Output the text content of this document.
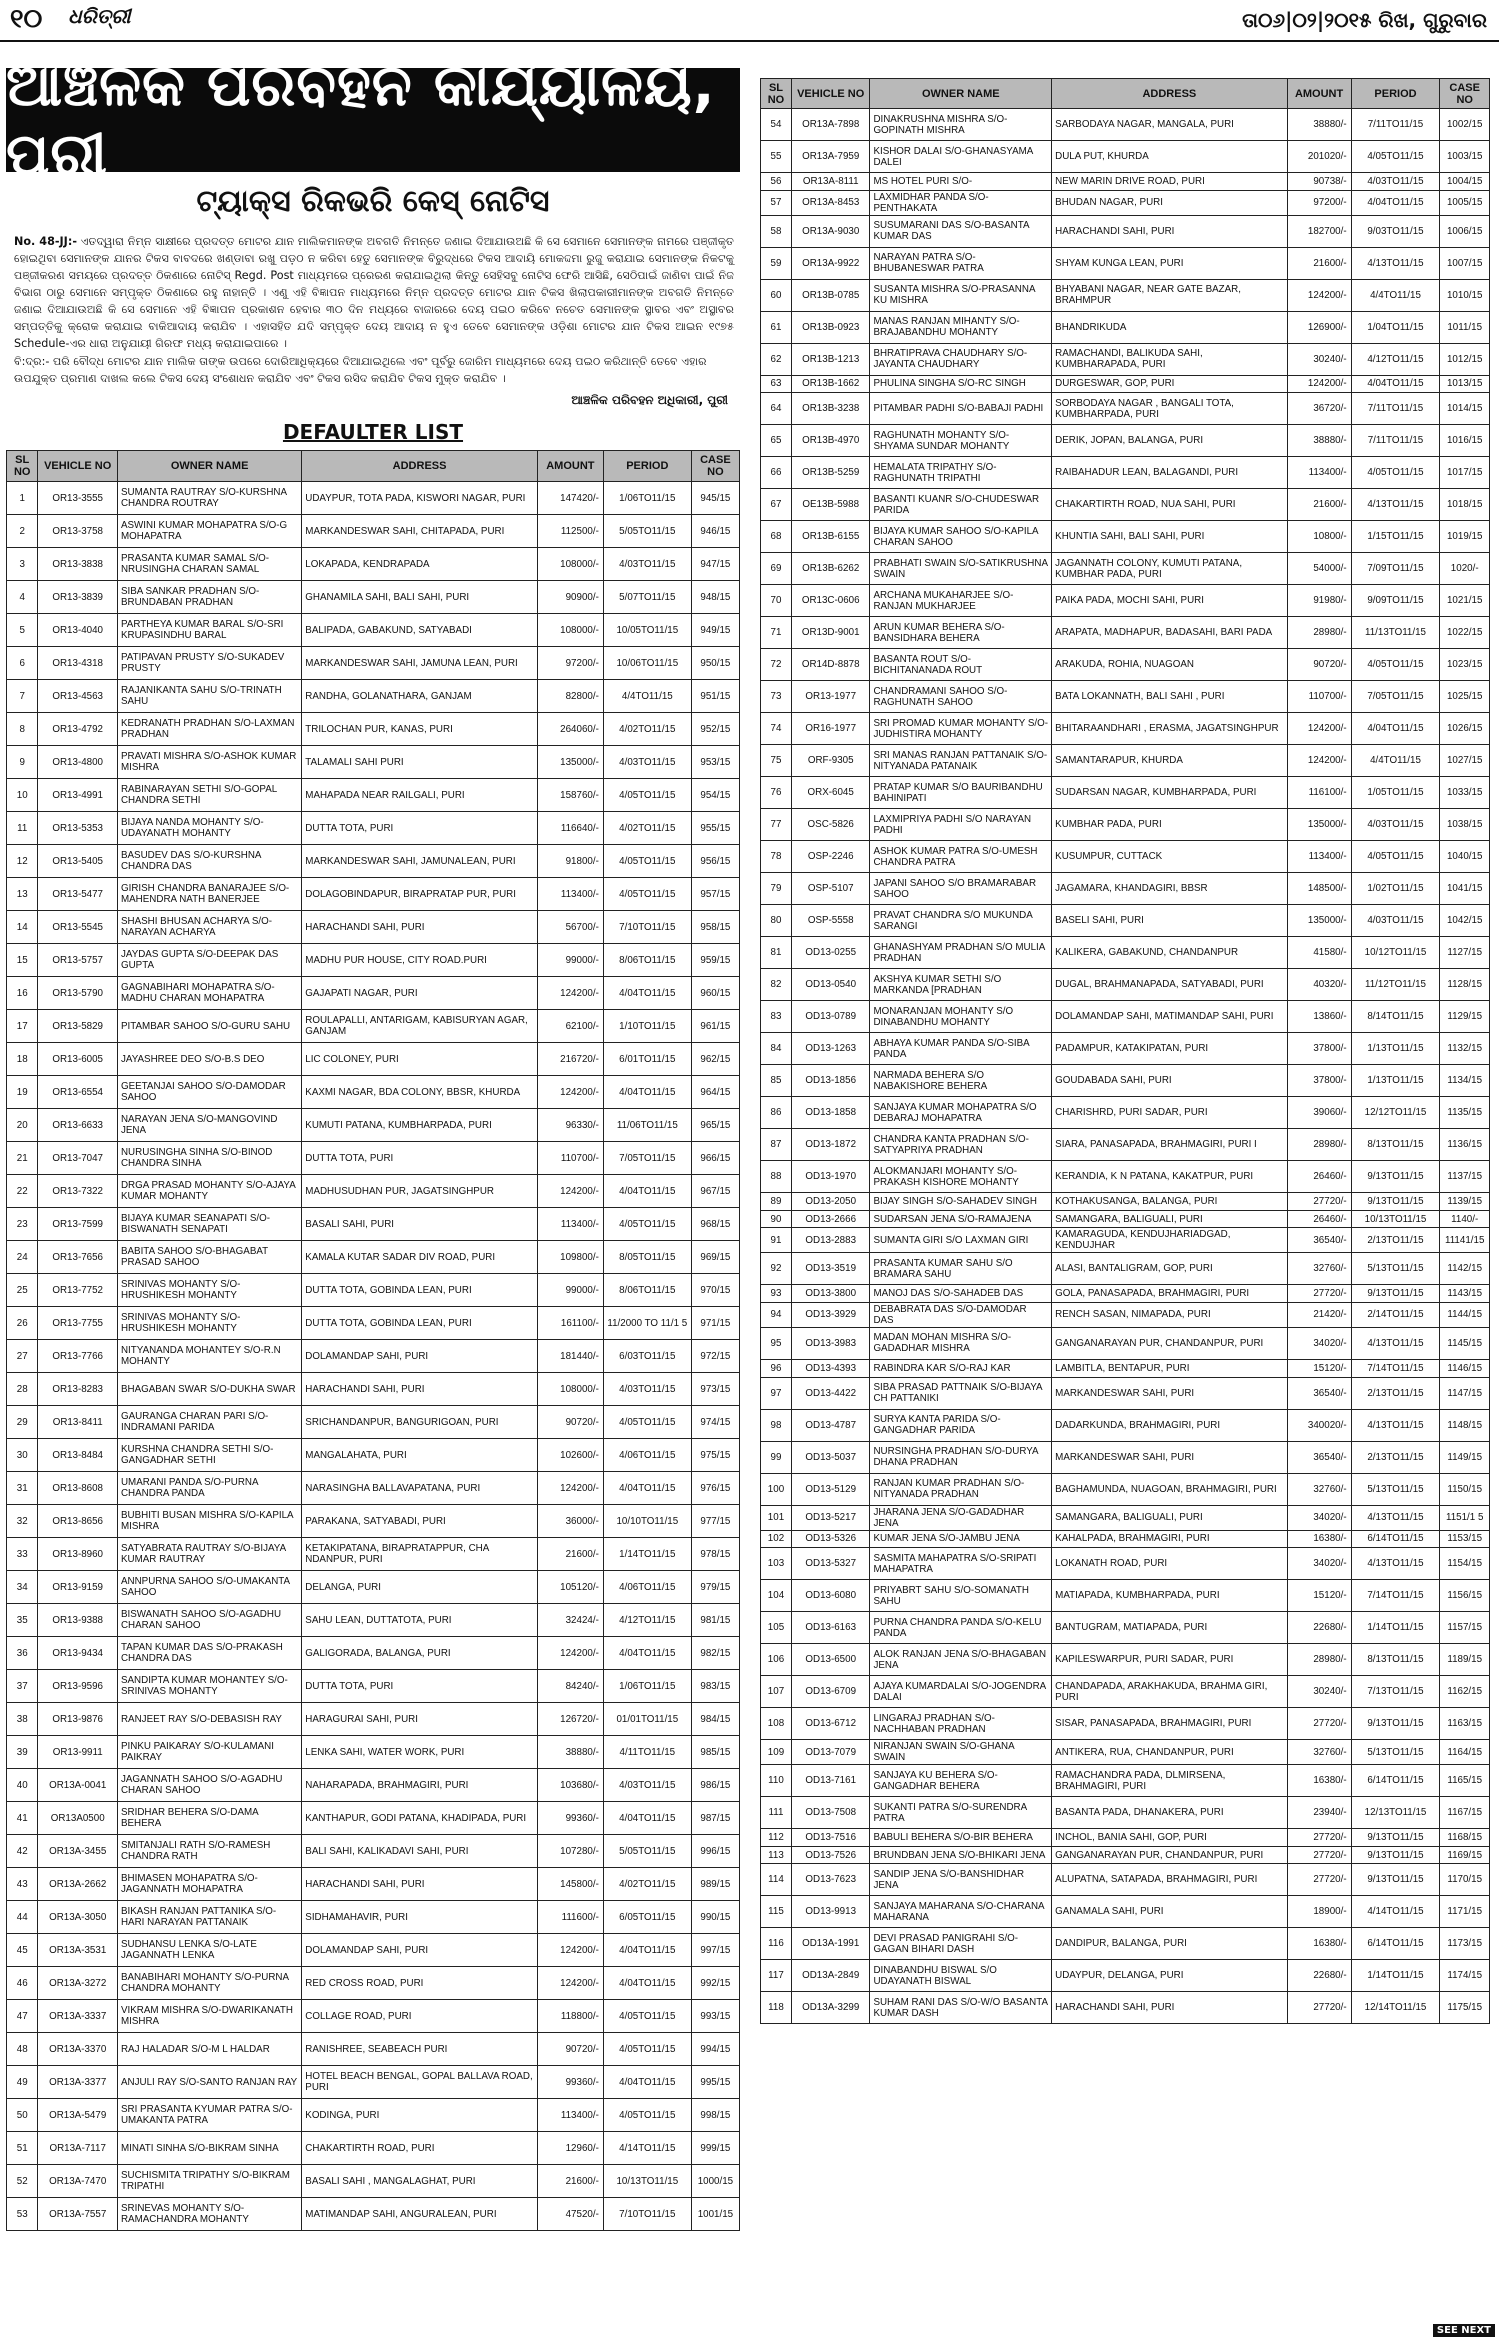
୧୦ ଧରିତ୍ରୀ	ତା୦୬|୦୨|୨୦୧୫ ରିଖ, ଗୁରୁବାର
ଆଞ୍ଚଳିକ ପରିବହନ କାର୍ଯ୍ୟାଳୟ, ପୁରୀ
ଟ୍ୟାକ୍ସ ରିକଭରି କେସ୍ ନୋଟିସ

No. 48-JJ:- ଏତଦ୍ୱାରା ନିମ୍ନ ସାକ୍ଷୀରେ ପ୍ରଦତ୍ତ ମୋଟର ଯାନ ମାଲିକମାନଙ୍କ ଅବଗତି ନିମନ୍ତେ ଜଣାଇ ଦିଆଯାଉଅଛି କି ସେ ସେମାନେ ସେମାନଙ୍କ ନାମରେ ପଞ୍ଜୀକୃତ ହୋଇଥିବା ସେମାନଙ୍କ ଯାନର ଟିକସ ବାବଦରେ ଖଣ୍ଡାବା ରଖୁ ପଡ଼ଠ ନ କରିବା ହେତୁ ସେମାନଙ୍କ ବିରୁଦ୍ଧରେ ଟିକସ ଆଦାୟି ମୋକଦ୍ଦମା ରୁଜୁ କରାଯାଇ ସେମାନଙ୍କ ନିକଟକୁ ପଞ୍ଜୀକରଣ ସମୟରେ ପ୍ରଦତ୍ତ ଠିକଣାରେ ନୋଟିସ୍ Regd. Post ମାଧ୍ୟମରେ ପ୍ରେରଣ କରାଯାଇଥିଲା କିନ୍ତୁ ସେହିସବୁ ନୋଟିସ ଫେରି ଆସିଛି, ସେଠିପାଇଁ ଜାଣିବା ପାଇଁ ନିଜ ବିଭାଗ ଠାରୁ ସେମାନେ ସମ୍ପୃକ୍ତ ଠିକଣାରେ ରହୁ ନାହାନ୍ତି । ଏଣୁ ଏହି ବିଜ୍ଞାପନ ମାଧ୍ୟମରେ ନିମ୍ନ ପ୍ରଦତ୍ତ ମୋଟର ଯାନ ଟିକସ ଖିଲାପକାରୀମାନଙ୍କ ଅବଗତି ନିମନ୍ତେ ଜଣାଇ ଦିଆଯାଉଅଛି କି ସେ ସେମାନେ ଏହି ବିଜ୍ଞାପନ ପ୍ରକାଶନ ହେବାର ୩୦ ଦିନ ମଧ୍ୟରେ ବାଜାରରେ ଦେୟ ପଇଠ କରିବେ ନଚେତ ସେମାନଙ୍କ ସ୍ଥାବର ଏବଂ ଅସ୍ଥାବର ସମ୍ପତ୍ତିକୁ କ୍ରୋକ କରାଯାଇ ବାକିଆଦାୟ କରାଯିବ । ଏହାସହିତ ଯଦି ସମ୍ପୃକ୍ତ ଦେୟ ଆଦାୟ ନ ହୁଏ ତେବେ ସେମାନଙ୍କ ଓଡ଼ିଶା ମୋଟର ଯାନ ଟିକସ ଆଇନ ୧୯୭୫ Schedule-ଏର ଧାରା ଅନୁଯାୟୀ ଗିରଫ ମଧ୍ୟ କରାଯାଇପାରେ ।

ବି:ଦ୍ର:- ପରି ବୌଦ୍ଧ ମୋଟର ଯାନ ମାଲିକ ତାଙ୍କ ଉପରେ ଦୋରିଆଧିକ୍ୟରେ ଦିଆଯାଇଥିଲେ ଏବଂ ପୂର୍ବରୁ ଜୋରିମ ମାଧ୍ୟମରେ ଦେୟ ପଇଠ କରିଥାନ୍ତି ତେବେ ଏହାର ଉପଯୁକ୍ତ ପ୍ରମାଣ ଦାଖଲ କଲେ ଟିକସ ଦେୟ ସଂଶୋଧନ କରାଯିବ ଏବଂ ଟିକସ ରସିଦ କରାଯିବ ଟିକସ ମୁକ୍ତ କରାଯିବ ।

ଆଞ୍ଚଳିକ ପରିବହନ ଅଧିକାରୀ, ପୁରୀ
DEFAULTER LIST
SL NO	VEHICLE NO	OWNER NAME	ADDRESS	AMOUNT	PERIOD	CASE NO
1	OR13-3555	SUMANTA RAUTRAY S/O-KURSHNA CHANDRA ROUTRAY	UDAYPUR, TOTA PADA, KISWORI NAGAR, PURI	147420/-	1/06TO11/15	945/15
2	OR13-3758	ASWINI KUMAR MOHAPATRA S/O-G MOHAPATRA	MARKANDESWAR SAHI, CHITAPADA, PURI	112500/-	5/05TO11/15	946/15
3	OR13-3838	PRASANTA KUMAR SAMAL S/O-NRUSINGHA CHARAN SAMAL	LOKAPADA, KENDRAPADA	108000/-	4/03TO11/15	947/15
4	OR13-3839	SIBA SANKAR PRADHAN S/O-BRUNDABAN PRADHAN	GHANAMILA SAHI, BALI SAHI, PURI	90900/-	5/07TO11/15	948/15
5	OR13-4040	PARTHEYA KUMAR BARAL S/O-SRI KRUPASINDHU BARAL	BALIPADA, GABAKUND, SATYABADI	108000/-	10/05TO11/15	949/15
6	OR13-4318	PATIPAVAN PRUSTY S/O-SUKADEV PRUSTY	MARKANDESWAR SAHI, JAMUNA LEAN, PURI	97200/-	10/06TO11/15	950/15
7	OR13-4563	RAJANIKANTA SAHU S/O-TRINATH SAHU	RANDHA, GOLANATHARA, GANJAM	82800/-	4/4TO11/15	951/15
8	OR13-4792	KEDRANATH PRADHAN S/O-LAXMAN PRADHAN	TRILOCHAN PUR, KANAS, PURI	264060/-	4/02TO11/15	952/15
9	OR13-4800	PRAVATI MISHRA S/O-ASHOK KUMAR MISHRA	TALAMALI SAHI PURI	135000/-	4/03TO11/15	953/15
10	OR13-4991	RABINARAYAN SETHI S/O-GOPAL CHANDRA SETHI	MAHAPADA NEAR RAILGALI, PURI	158760/-	4/05TO11/15	954/15
11	OR13-5353	BIJAYA NANDA MOHANTY S/O-UDAYANATH MOHANTY	DUTTA TOTA, PURI	116640/-	4/02TO11/15	955/15
12	OR13-5405	BASUDEV DAS S/O-KURSHNA CHANDRA DAS	MARKANDESWAR SAHI, JAMUNALEAN, PURI	91800/-	4/05TO11/15	956/15
13	OR13-5477	GIRISH CHANDRA BANARAJEE S/O-MAHENDRA NATH BANERJEE	DOLAGOBINDAPUR, BIRAPRATAP PUR, PURI	113400/-	4/05TO11/15	957/15
14	OR13-5545	SHASHI BHUSAN ACHARYA S/O-NARAYAN ACHARYA	HARACHANDI SAHI, PURI	56700/-	7/10TO11/15	958/15
15	OR13-5757	JAYDAS GUPTA S/O-DEEPAK DAS GUPTA	MADHU PUR HOUSE, CITY ROAD.PURI	99000/-	8/06TO11/15	959/15
16	OR13-5790	GAGNABIHARI MOHAPATRA S/O-MADHU CHARAN MOHAPATRA	GAJAPATI NAGAR, PURI	124200/-	4/04TO11/15	960/15
17	OR13-5829	PITAMBAR SAHOO S/O-GURU SAHU	ROULAPALLI, ANTARIGAM, KABISURYAN AGAR, GANJAM	62100/-	1/10TO11/15	961/15
18	OR13-6005	JAYASHREE DEO S/O-B.S DEO	LIC COLONEY, PURI	216720/-	6/01TO11/15	962/15
19	OR13-6554	GEETANJAI SAHOO S/O-DAMODAR SAHOO	KAXMI NAGAR, BDA COLONY, BBSR, KHURDA	124200/-	4/04TO11/15	964/15
20	OR13-6633	NARAYAN JENA S/O-MANGOVIND JENA	KUMUTI PATANA, KUMBHARPADA, PURI	96330/-	11/06TO11/15	965/15
21	OR13-7047	NURUSINGHA SINHA S/O-BINOD CHANDRA SINHA	DUTTA TOTA, PURI	110700/-	7/05TO11/15	966/15
22	OR13-7322	DRGA PRASAD MOHANTY S/O-AJAYA KUMAR MOHANTY	MADHUSUDHAN PUR, JAGATSINGHPUR	124200/-	4/04TO11/15	967/15
23	OR13-7599	BIJAYA KUMAR SEANAPATI S/O-BISWANATH SENAPATI	BASALI SAHI, PURI	113400/-	4/05TO11/15	968/15
24	OR13-7656	BABITA SAHOO S/O-BHAGABAT PRASAD SAHOO	KAMALA KUTAR SADAR DIV ROAD, PURI	109800/-	8/05TO11/15	969/15
25	OR13-7752	SRINIVAS MOHANTY S/O-HRUSHIKESH MOHANTY	DUTTA TOTA, GOBINDA LEAN, PURI	99000/-	8/06TO11/15	970/15
26	OR13-7755	SRINIVAS MOHANTY S/O-HRUSHIKESH MOHANTY	DUTTA TOTA, GOBINDA LEAN, PURI	161100/-	11/2000 TO 11/1 5	971/15
27	OR13-7766	NITYANANDA MOHANTEY S/O-R.N MOHANTY	DOLAMANDAP SAHI, PURI	181440/-	6/03TO11/15	972/15
28	OR13-8283	BHAGABAN SWAR S/O-DUKHA SWAR	HARACHANDI SAHI, PURI	108000/-	4/03TO11/15	973/15
29	OR13-8411	GAURANGA CHARAN PARI S/O-INDRAMANI PARIDA	SRICHANDANPUR, BANGURIGOAN, PURI	90720/-	4/05TO11/15	974/15
30	OR13-8484	KURSHNA CHANDRA SETHI S/O-GANGADHAR SETHI	MANGALAHATA, PURI	102600/-	4/06TO11/15	975/15
31	OR13-8608	UMARANI PANDA S/O-PURNA CHANDRA PANDA	NARASINGHA BALLAVAPATANA, PURI	124200/-	4/04TO11/15	976/15
32	OR13-8656	BUBHITI BUSAN MISHRA S/O-KAPILA MISHRA	PARAKANA, SATYABADI, PURI	36000/-	10/10TO11/15	977/15
33	OR13-8960	SATYABRATA RAUTRAY S/O-BIJAYA KUMAR RAUTRAY	KETAKIPATANA, BIRAPRATAPPUR, CHA NDANPUR, PURI	21600/-	1/14TO11/15	978/15
34	OR13-9159	ANNPURNA SAHOO S/O-UMAKANTA SAHOO	DELANGA, PURI	105120/-	4/06TO11/15	979/15
35	OR13-9388	BISWANATH SAHOO S/O-AGADHU CHARAN SAHOO	SAHU LEAN, DUTTATOTA, PURI	32424/-	4/12TO11/15	981/15
36	OR13-9434	TAPAN KUMAR DAS S/O-PRAKASH CHANDRA DAS	GALIGORADA, BALANGA, PURI	124200/-	4/04TO11/15	982/15
37	OR13-9596	SANDIPTA KUMAR MOHANTEY S/O-SRINIVAS MOHANTY	DUTTA TOTA, PURI	84240/-	1/06TO11/15	983/15
38	OR13-9876	RANJEET RAY S/O-DEBASISH RAY	HARAGURAI SAHI, PURI	126720/-	01/01TO11/15	984/15
39	OR13-9911	PINKU PAIKARAY S/O-KULAMANI PAIKRAY	LENKA SAHI, WATER WORK, PURI	38880/-	4/11TO11/15	985/15
40	OR13A-0041	JAGANNATH SAHOO S/O-AGADHU CHARAN SAHOO	NAHARAPADA, BRAHMAGIRI, PURI	103680/-	4/03TO11/15	986/15
41	OR13A0500	SRIDHAR BEHERA S/O-DAMA BEHERA	KANTHAPUR, GODI PATANA, KHADIPADA, PURI	99360/-	4/04TO11/15	987/15
42	OR13A-3455	SMITANJALI RATH S/O-RAMESH CHANDRA RATH	BALI SAHI, KALIKADAVI SAHI, PURI	107280/-	5/05TO11/15	996/15
43	OR13A-2662	BHIMASEN MOHAPATRA S/O-JAGANNATH MOHAPATRA	HARACHANDI SAHI, PURI	145800/-	4/02TO11/15	989/15
44	OR13A-3050	BIKASH RANJAN PATTANIKA S/O-HARI NARAYAN PATTANAIK	SIDHAMAHAVIR, PURI	111600/-	6/05TO11/15	990/15
45	OR13A-3531	SUDHANSU LENKA S/O-LATE JAGANNATH LENKA	DOLAMANDAP SAHI, PURI	124200/-	4/04TO11/15	997/15
46	OR13A-3272	BANABIHARI MOHANTY S/O-PURNA CHANDRA MOHANTY	RED CROSS ROAD, PURI	124200/-	4/04TO11/15	992/15
47	OR13A-3337	VIKRAM MISHRA S/O-DWARIKANATH MISHRA	COLLAGE ROAD, PURI	118800/-	4/05TO11/15	993/15
48	OR13A-3370	RAJ HALADAR S/O-M L HALDAR	RANISHREE, SEABEACH PURI	90720/-	4/05TO11/15	994/15
49	OR13A-3377	ANJULI RAY S/O-SANTO RANJAN RAY	HOTEL BEACH BENGAL, GOPAL BALLAVA ROAD, PURI	99360/-	4/04TO11/15	995/15
50	OR13A-5479	SRI PRASANTA KYUMAR PATRA S/O-UMAKANTA PATRA	KODINGA, PURI	113400/-	4/05TO11/15	998/15
51	OR13A-7117	MINATI SINHA S/O-BIKRAM SINHA	CHAKARTIRTH ROAD, PURI	12960/-	4/14TO11/15	999/15
52	OR13A-7470	SUCHISMITA TRIPATHY S/O-BIKRAM TRIPATHI	BASALI SAHI , MANGALAGHAT, PURI	21600/-	10/13TO11/15	1000/15
53	OR13A-7557	SRINEVAS MOHANTY S/O-RAMACHANDRA MOHANTY	MATIMANDAP SAHI, ANGURALEAN, PURI	47520/-	7/10TO11/15	1001/15
SL NO	VEHICLE NO	OWNER NAME	ADDRESS	AMOUNT	PERIOD	CASE NO
54	OR13A-7898	DINAKRUSHNA MISHRA S/O-GOPINATH MISHRA	SARBODAYA NAGAR, MANGALA, PURI	38880/-	7/11TO11/15	1002/15
55	OR13A-7959	KISHOR DALAI S/O-GHANASYAMA DALEI	DULA PUT, KHURDA	201020/-	4/05TO11/15	1003/15
56	OR13A-8111	MS HOTEL PURI S/O-	NEW MARIN DRIVE ROAD, PURI	90738/-	4/03TO11/15	1004/15
57	OR13A-8453	LAXMIDHAR PANDA S/O-PENTHAKATA	BHUDAN NAGAR, PURI	97200/-	4/04TO11/15	1005/15
58	OR13A-9030	SUSUMARANI DAS S/O-BASANTA KUMAR DAS	HARACHANDI SAHI, PURI	182700/-	9/03TO11/15	1006/15
59	OR13A-9922	NARAYAN PATRA S/O-BHUBANESWAR PATRA	SHYAM KUNGA LEAN, PURI	21600/-	4/13TO11/15	1007/15
60	OR13B-0785	SUSANTA MISHRA S/O-PRASANNA KU MISHRA	BHYABANI NAGAR, NEAR GATE BAZAR, BRAHMPUR	124200/-	4/4TO11/15	1010/15
61	OR13B-0923	MANAS RANJAN MIHANTY S/O-BRAJABANDHU MOHANTY	BHANDRIKUDA	126900/-	1/04TO11/15	1011/15
62	OR13B-1213	BHRATIPRAVA CHAUDHARY S/O-JAYANTA CHAUDHARY	RAMACHANDI, BALIKUDA SAHI, KUMBHARAPADA, PURI	30240/-	4/12TO11/15	1012/15
63	OR13B-1662	PHULINA SINGHA S/O-RC SINGH	DURGESWAR, GOP, PURI	124200/-	4/04TO11/15	1013/15
64	OR13B-3238	PITAMBAR PADHI S/O-BABAJI PADHI	SORBODAYA NAGAR , BANGALI TOTA, KUMBHARPADA, PURI	36720/-	7/11TO11/15	1014/15
65	OR13B-4970	RAGHUNATH MOHANTY S/O-SHYAMA SUNDAR MOHANTY	DERIK, JOPAN, BALANGA, PURI	38880/-	7/11TO11/15	1016/15
66	OR13B-5259	HEMALATA TRIPATHY S/O-RAGHUNATH TRIPATHI	RAIBAHADUR LEAN, BALAGANDI, PURI	113400/-	4/05TO11/15	1017/15
67	OE13B-5988	BASANTI KUANR S/O-CHUDESWAR PARIDA	CHAKARTIRTH ROAD, NUA SAHI, PURI	21600/-	4/13TO11/15	1018/15
68	OR13B-6155	BIJAYA KUMAR SAHOO S/O-KAPILA CHARAN SAHOO	KHUNTIA SAHI, BALI SAHI, PURI	10800/-	1/15TO11/15	1019/15
69	OR13B-6262	PRABHATI SWAIN S/O-SATIKRUSHNA SWAIN	JAGANNATH COLONY, KUMUTI PATANA, KUMBHAR PADA, PURI	54000/-	7/09TO11/15	1020/-
70	OR13C-0606	ARCHANA MUKAHARJEE S/O-RANJAN MUKHARJEE	PAIKA PADA, MOCHI SAHI, PURI	91980/-	9/09TO11/15	1021/15
71	OR13D-9001	ARUN KUMAR BEHERA S/O-BANSIDHARA BEHERA	ARAPATA, MADHAPUR, BADASAHI, BARI PADA	28980/-	11/13TO11/15	1022/15
72	OR14D-8878	BASANTA ROUT S/O-BICHITANANADA ROUT	ARAKUDA, ROHIA, NUAGOAN	90720/-	4/05TO11/15	1023/15
73	OR13-1977	CHANDRAMANI SAHOO S/O-RAGHUNATH SAHOO	BATA LOKANNATH, BALI SAHI , PURI	110700/-	7/05TO11/15	1025/15
74	OR16-1977	SRI PROMAD KUMAR MOHANTY S/O-JUDHISTIRA MOHANTY	BHITARAANDHARI , ERASMA, JAGATSINGHPUR	124200/-	4/04TO11/15	1026/15
75	ORF-9305	SRI MANAS RANJAN PATTANAIK S/O-NITYANADA PATANAIK	SAMANTARAPUR, KHURDA	124200/-	4/4TO11/15	1027/15
76	ORX-6045	PRATAP KUMAR S/O BAURIBANDHU BAHINIPATI	SUDARSAN NAGAR, KUMBHARPADA, PURI	116100/-	1/05TO11/15	1033/15
77	OSC-5826	LAXMIPRIYA PADHI S/O NARAYAN PADHI	KUMBHAR PADA, PURI	135000/-	4/03TO11/15	1038/15
78	OSP-2246	ASHOK KUMAR PATRA S/O-UMESH CHANDRA PATRA	KUSUMPUR, CUTTACK	113400/-	4/05TO11/15	1040/15
79	OSP-5107	JAPANI SAHOO S/O BRAMARABAR SAHOO	JAGAMARA, KHANDAGIRI, BBSR	148500/-	1/02TO11/15	1041/15
80	OSP-5558	PRAVAT CHANDRA S/O MUKUNDA SARANGI	BASELI SAHI, PURI	135000/-	4/03TO11/15	1042/15
81	OD13-0255	GHANASHYAM PRADHAN S/O MULIA PRADHAN	KALIKERA, GABAKUND, CHANDANPUR	41580/-	10/12TO11/15	1127/15
82	OD13-0540	AKSHYA KUMAR SETHI S/O MARKANDA [PRADHAN	DUGAL, BRAHMANAPADA, SATYABADI, PURI	40320/-	11/12TO11/15	1128/15
83	OD13-0789	MONARANJAN MOHANTY S/O DINABANDHU MOHANTY	DOLAMANDAP SAHI, MATIMANDAP SAHI, PURI	13860/-	8/14TO11/15	1129/15
84	OD13-1263	ABHAYA KUMAR PANDA S/O-SIBA PANDA	PADAMPUR, KATAKIPATAN, PURI	37800/-	1/13TO11/15	1132/15
85	OD13-1856	NARMADA BEHERA S/O NABAKISHORE BEHERA	GOUDABADA SAHI, PURI	37800/-	1/13TO11/15	1134/15
86	OD13-1858	SANJAYA KUMAR MOHAPATRA S/O DEBARAJ MOHAPATRA	CHARISHRD, PURI SADAR, PURI	39060/-	12/12TO11/15	1135/15
87	OD13-1872	CHANDRA KANTA PRADHAN S/O-SATYAPRIYA PRADHAN	SIARA, PANASAPADA, BRAHMAGIRI, PURI I	28980/-	8/13TO11/15	1136/15
88	OD13-1970	ALOKMANJARI MOHANTY S/O-PRAKASH KISHORE MOHANTY	KERANDIA, K N PATANA, KAKATPUR, PURI	26460/-	9/13TO11/15	1137/15
89	OD13-2050	BIJAY SINGH S/O-SAHADEV SINGH	KOTHAKUSANGA, BALANGA, PURI	27720/-	9/13TO11/15	1139/15
90	OD13-2666	SUDARSAN JENA S/O-RAMAJENA	SAMANGARA, BALIGUALI, PURI	26460/-	10/13TO11/15	1140/-
91	OD13-2883	SUMANTA GIRI S/O LAXMAN GIRI	KAMARAGUDA, KENDUJHARIADGAD, KENDUJHAR	36540/-	2/13TO11/15	11141/15
92	OD13-3519	PRASANTA KUMAR SAHU S/O BRAMARA SAHU	ALASI, BANTALIGRAM, GOP, PURI	32760/-	5/13TO11/15	1142/15
93	OD13-3800	MANOJ DAS S/O-SAHADEB DAS	GOLA, PANASAPADA, BRAHMAGIRI, PURI	27720/-	9/13TO11/15	1143/15
94	OD13-3929	DEBABRATA DAS S/O-DAMODAR DAS	RENCH SASAN, NIMAPADA, PURI	21420/-	2/14TO11/15	1144/15
95	OD13-3983	MADAN MOHAN MISHRA S/O-GADADHAR MISHRA	GANGANARAYAN PUR, CHANDANPUR, PURI	34020/-	4/13TO11/15	1145/15
96	OD13-4393	RABINDRA KAR S/O-RAJ KAR	LAMBITLA, BENTAPUR, PURI	15120/-	7/14TO11/15	1146/15
97	OD13-4422	SIBA PRASAD PATTNAIK S/O-BIJAYA CH PATTANIKI	MARKANDESWAR SAHI, PURI	36540/-	2/13TO11/15	1147/15
98	OD13-4787	SURYA KANTA PARIDA S/O-GANGADHAR PARIDA	DADARKUNDA, BRAHMAGIRI, PURI	340020/-	4/13TO11/15	1148/15
99	OD13-5037	NURSINGHA PRADHAN S/O-DURYA DHANA PRADHAN	MARKANDESWAR SAHI, PURI	36540/-	2/13TO11/15	1149/15
100	OD13-5129	RANJAN KUMAR PRADHAN S/O-NITYANADA PRADHAN	BAGHAMUNDA, NUAGOAN, BRAHMAGIRI, PURI	32760/-	5/13TO11/15	1150/15
101	OD13-5217	JHARANA JENA S/O-GADADHAR JENA	SAMANGARA, BALIGUALI, PURI	34020/-	4/13TO11/15	1151/1 5
102	OD13-5326	KUMAR JENA S/O-JAMBU JENA	KAHALPADA, BRAHMAGIRI, PURI	16380/-	6/14TO11/15	1153/15
103	OD13-5327	SASMITA MAHAPATRA S/O-SRIPATI MAHAPATRA	LOKANATH ROAD, PURI	34020/-	4/13TO11/15	1154/15
104	OD13-6080	PRIYABRT SAHU S/O-SOMANATH SAHU	MATIAPADA, KUMBHARPADA, PURI	15120/-	7/14TO11/15	1156/15
105	OD13-6163	PURNA CHANDRA PANDA S/O-KELU PANDA	BANTUGRAM, MATIAPADA, PURI	22680/-	1/14TO11/15	1157/15
106	OD13-6500	ALOK RANJAN JENA S/O-BHAGABAN JENA	KAPILESWARPUR, PURI SADAR, PURI	28980/-	8/13TO11/15	1189/15
107	OD13-6709	AJAYA KUMARDALAI S/O-JOGENDRA DALAI	CHANDAPADA, ARAKHAKUDA, BRAHMA GIRI, PURI	30240/-	7/13TO11/15	1162/15
108	OD13-6712	LINGARAJ PRADHAN S/O-NACHHABAN PRADHAN	SISAR, PANASAPADA, BRAHMAGIRI, PURI	27720/-	9/13TO11/15	1163/15
109	OD13-7079	NIRANJAN SWAIN S/O-GHANA SWAIN	ANTIKERA, RUA, CHANDANPUR, PURI	32760/-	5/13TO11/15	1164/15
110	OD13-7161	SANJAYA KU BEHERA S/O-GANGADHAR BEHERA	RAMACHANDRA PADA, DLMIRSENA, BRAHMAGIRI, PURI	16380/-	6/14TO11/15	1165/15
111	OD13-7508	SUKANTI PATRA S/O-SURENDRA PATRA	BASANTA PADA, DHANAKERA, PURI	23940/-	12/13TO11/15	1167/15
112	OD13-7516	BABULI BEHERA S/O-BIR BEHERA	INCHOL, BANIA SAHI, GOP, PURI	27720/-	9/13TO11/15	1168/15
113	OD13-7526	BRUNDBAN JENA S/O-BHIKARI JENA	GANGANARAYAN PUR, CHANDANPUR, PURI	27720/-	9/13TO11/15	1169/15
114	OD13-7623	SANDIP JENA S/O-BANSHIDHAR JENA	ALUPATNA, SATAPADA, BRAHMAGIRI, PURI	27720/-	9/13TO11/15	1170/15
115	OD13-9913	SANJAYA MAHARANA S/O-CHARANA MAHARANA	GANAMALA SAHI, PURI	18900/-	4/14TO11/15	1171/15
116	OD13A-1991	DEVI PRASAD PANIGRAHI S/O-GAGAN BIHARI DASH	DANDIPUR, BALANGA, PURI	16380/-	6/14TO11/15	1173/15
117	OD13A-2849	DINABANDHU BISWAL S/O UDAYANATH BISWAL	UDAYPUR, DELANGA, PURI	22680/-	1/14TO11/15	1174/15
118	OD13A-3299	SUHAM RANI DAS S/O-W/O BASANTA KUMAR DASH	HARACHANDI SAHI, PURI	27720/-	12/14TO11/15	1175/15
SEE NEXT
